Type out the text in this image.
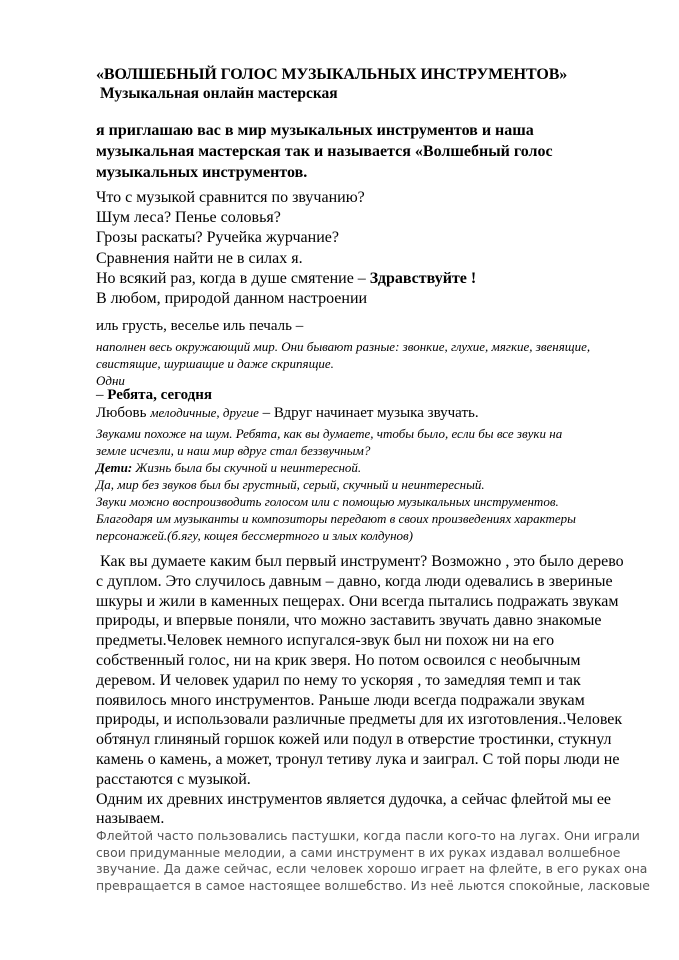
«ВОЛШЕБНЫЙ ГОЛОС МУЗЫКАЛЬНЫХ ИНСТРУМЕНТОВ»
Музыкальная онлайн мастерская
я приглашаю вас в мир музыкальных инструментов и наша
музыкальная мастерская так и называется «Волшебный голос
музыкальных инструментов.
Что с музыкой сравнится по звучанию?
Шум леса? Пенье соловья?
Грозы раскаты? Ручейка журчание?
Сравнения найти не в силах я.
Но всякий раз, когда в душе смятение – Здравствуйте !
В любом, природой данном настроении
иль грусть, веселье иль печаль –
наполнен весь окружающий мир. Они бывают разные: звонкие, глухие, мягкие, звенящие,
свистящие, шуршащие и даже скрипящие.
Одни
– Ребята, сегодня
Любовь мелодичные, другие – Вдруг начинает музыка звучать.
Звуками похоже на шум. Ребята, как вы думаете, чтобы было, если бы все звуки на
земле исчезли, и наш мир вдруг стал беззвучным?
Дети: Жизнь была бы скучной и неинтересной.
Да, мир без звуков был бы грустный, серый, скучный и неинтересный.
Звуки можно воспроизводить голосом или с помощью музыкальных инструментов.
Благодаря им музыканты и композиторы передают в своих произведениях характеры
персонажей.(б.ягу, кощея бессмертного и злых колдунов)
Как вы думаете каким был первый инструмент? Возможно , это было дерево
с дуплом. Это случилось давным – давно, когда люди одевались в звериные
шкуры и жили в каменных пещерах. Они всегда пытались подражать звукам
природы, и впервые поняли, что можно заставить звучать давно знакомые
предметы.Человек немного испугался-звук был ни похож ни на его
собственный голос, ни на крик зверя. Но потом освоился с необычным
деревом. И человек ударил по нему то ускоряя , то замедляя темп и так
появилось много инструментов. Раньше люди всегда подражали звукам
природы, и использовали различные предметы для их изготовления..Человек
обтянул глиняный горшок кожей или подул в отверстие тростинки, стукнул
камень о камень, а может, тронул тетиву лука и заиграл. С той поры люди не
расстаются с музыкой.
Одним их древних инструментов является дудочка, а сейчас флейтой мы ее
называем.
Флейтой часто пользовались пастушки, когда пасли кого-то на лугах. Они играли
свои придуманные мелодии, а сами инструмент в их руках издавал волшебное
звучание. Да даже сейчас, если человек хорошо играет на флейте, в его руках она
превращается в самое настоящее волшебство. Из неё льются спокойные, ласковые
